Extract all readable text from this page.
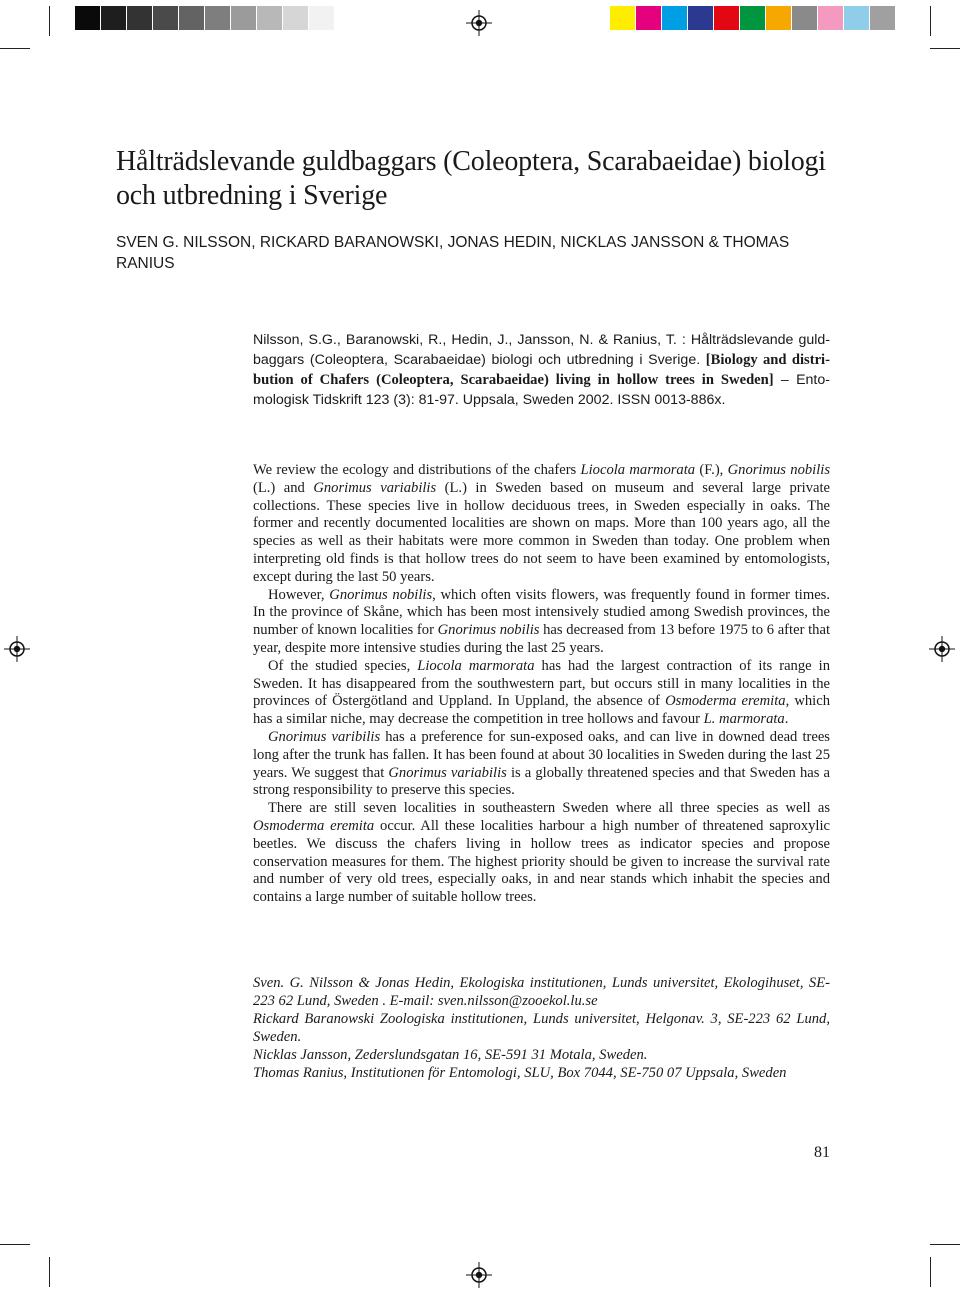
Hålträdslevande guldbaggars (Coleoptera, Scarabaeidae) biologi och utbredning i Sverige
SVEN G. NILSSON, RICKARD BARANOWSKI, JONAS HEDIN, NICKLAS JANSSON & THOMAS RANIUS
Nilsson, S.G., Baranowski, R., Hedin, J., Jansson, N. & Ranius, T. : Hålträdslevande guldbaggars (Coleoptera, Scarabaeidae) biologi och utbredning i Sverige. [Biology and distribution of Chafers (Coleoptera, Scarabaeidae) living in hollow trees in Sweden] – Entomologisk Tidskrift 123 (3): 81-97. Uppsala, Sweden 2002. ISSN 0013-886x.

We review the ecology and distributions of the chafers Liocola marmorata (F.), Gnorimus nobilis (L.) and Gnorimus variabilis (L.) in Sweden based on museum and several large private collections. These species live in hollow deciduous trees, in Sweden especially in oaks. The former and recently documented localities are shown on maps. More than 100 years ago, all the species as well as their habitats were more common in Sweden than today. One problem when interpreting old finds is that hollow trees do not seem to have been examined by entomologists, except during the last 50 years.

However, Gnorimus nobilis, which often visits flowers, was frequently found in former times. In the province of Skåne, which has been most intensively studied among Swedish provinces, the number of known localities for Gnorimus nobilis has decreased from 13 before 1975 to 6 after that year, despite more intensive studies during the last 25 years.

Of the studied species, Liocola marmorata has had the largest contraction of its range in Sweden. It has disappeared from the southwestern part, but occurs still in many localities in the provinces of Östergötland and Uppland. In Uppland, the absence of Osmoderma eremita, which has a similar niche, may decrease the competition in tree hollows and favour L. marmorata.

Gnorimus varibilis has a preference for sun-exposed oaks, and can live in downed dead trees long after the trunk has fallen. It has been found at about 30 localities in Sweden during the last 25 years. We suggest that Gnorimus variabilis is a globally threatened species and that Sweden has a strong responsibility to preserve this species.

There are still seven localities in southeastern Sweden where all three species as well as Osmoderma eremita occur. All these localities harbour a high number of threatened saproxylic beetles. We discuss the chafers living in hollow trees as indicator species and propose conservation measures for them. The highest priority should be given to increase the survival rate and number of very old trees, especially oaks, in and near stands which inhabit the species and contains a large number of suitable hollow trees.

Sven. G. Nilsson & Jonas Hedin, Ekologiska institutionen, Lunds universitet, Ekologihuset, SE-223 62 Lund, Sweden . E-mail: sven.nilsson@zooekol.lu.se

Rickard Baranowski Zoologiska institutionen, Lunds universitet, Helgonav. 3, SE-223 62 Lund, Sweden.

Nicklas Jansson, Zederslundsgatan 16, SE-591 31 Motala, Sweden.

Thomas Ranius, Institutionen för Entomologi, SLU, Box 7044, SE-750 07 Uppsala, Sweden

81
